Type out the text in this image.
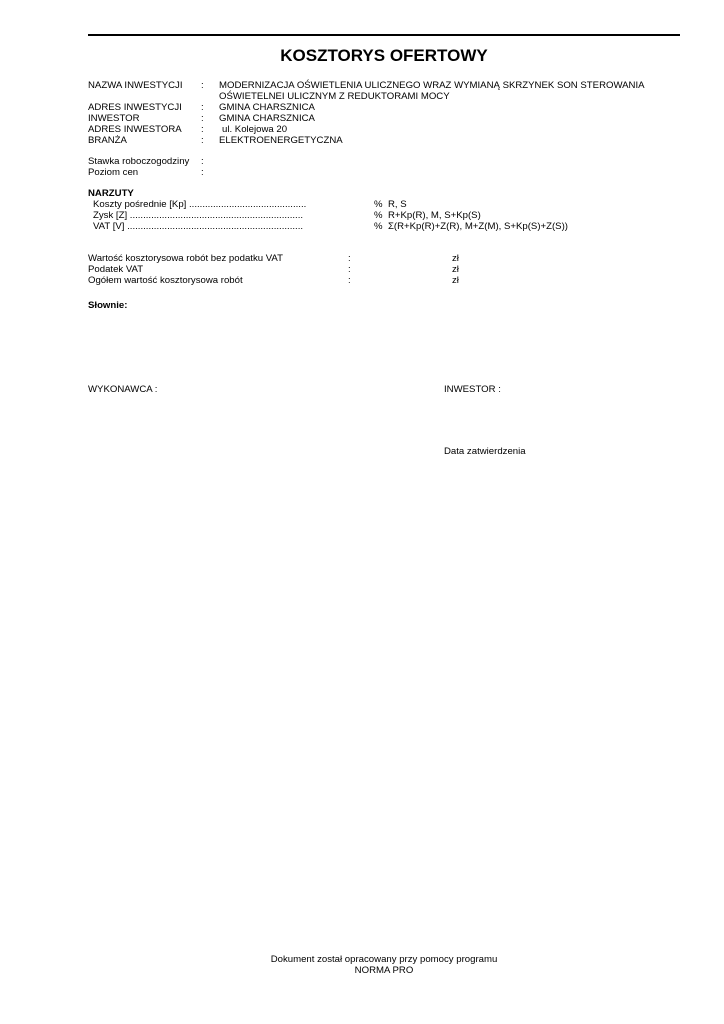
KOSZTORYS OFERTOWY
NAZWA INWESTYCJI : MODERNIZACJA OŚWIETLENIA ULICZNEGO WRAZ WYMIANĄ SKRZYNEK SON STEROWANIA
OŚWIETELNEI ULICZNYM Z REDUKTORAMI MOCY
ADRES INWESTYCJI : GMINA CHARSZNICA
INWESTOR	: GMINA CHARSZNICA
ADRES INWESTORA : ul. Kolejowa 20
BRANŻA	: ELEKTROENERGETYCZNA
Stawka roboczogodziny :
Poziom cen	:
NARZUTY
Koszty pośrednie [Kp] ............................................	% R, S
Zysk [Z] .................................................................	% R+Kp(R), M, S+Kp(S)
VAT [V] ..................................................................	% Σ(R+Kp(R)+Z(R), M+Z(M), S+Kp(S)+Z(S))
Wartość kosztorysowa robót bez podatku VAT	:	zł
Podatek VAT	:	zł
Ogółem wartość kosztorysowa robót	:	zł
Słownie:
WYKONAWCA :	INWESTOR :
Data zatwierdzenia
Dokument został opracowany przy pomocy programu
NORMA PRO
